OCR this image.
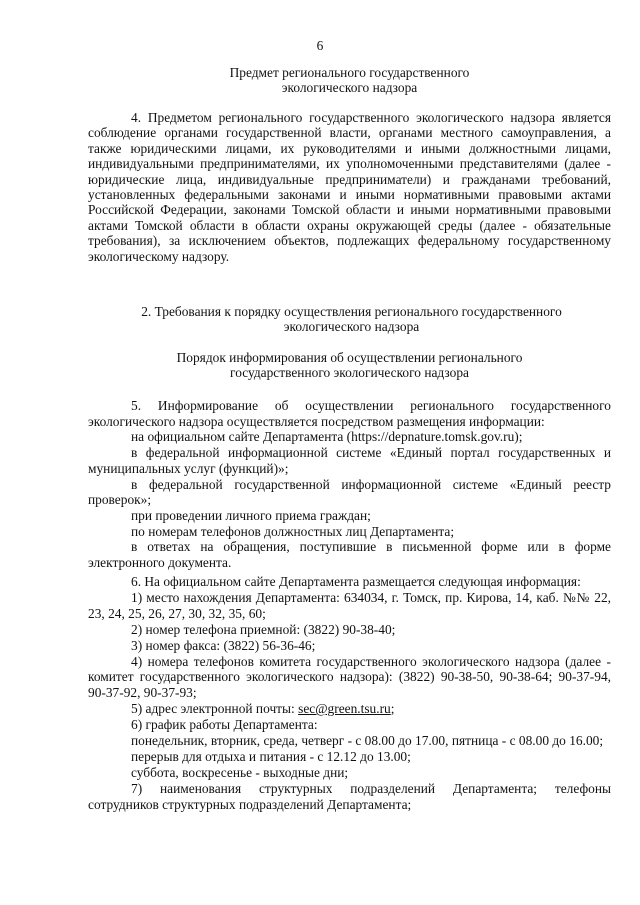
6

Предмет регионального государственного

экологического надзора

4. Предметом регионального государственного экологического надзора является соблюдение органами государственной власти, органами местного самоуправления, а также юридическими лицами, их руководителями и иными должностными лицами, индивидуальными предпринимателями, их уполномоченными представителями (далее - юридические лица, индивидуальные предприниматели) и гражданами требований, установленных федеральными законами и иными нормативными правовыми актами Российской Федерации, законами Томской области и иными нормативными правовыми актами Томской области в области охраны окружающей среды (далее - обязательные требования), за исключением объектов, подлежащих федеральному государственному экологическому надзору.

2. Требования к порядку осуществления регионального государственного

экологического надзора

Порядок информирования об осуществлении регионального

государственного экологического надзора

5. Информирование об осуществлении регионального государственного экологического надзора осуществляется посредством размещения информации:

на официальном сайте Департамента (https://depnature.tomsk.gov.ru);

в федеральной информационной системе «Единый портал государственных и муниципальных услуг (функций)»;

в федеральной государственной информационной системе «Единый реестр проверок»;

при проведении личного приема граждан;

по номерам телефонов должностных лиц Департамента;

в ответах на обращения, поступившие в письменной форме или в форме электронного документа.

6. На официальном сайте Департамента размещается следующая информация:

1) место нахождения Департамента: 634034, г. Томск, пр. Кирова, 14, каб. №№ 22, 23, 24, 25, 26, 27, 30, 32, 35, 60;

2) номер телефона приемной: (3822) 90-38-40;

3) номер факса: (3822) 56-36-46;

4) номера телефонов комитета государственного экологического надзора (далее - комитет государственного экологического надзора): (3822) 90-38-50, 90-38-64; 90-37-94, 90-37-92, 90-37-93;

5) адрес электронной почты: sec@green.tsu.ru;

6) график работы Департамента:

понедельник, вторник, среда, четверг - с 08.00 до 17.00, пятница - с 08.00 до 16.00;

перерыв для отдыха и питания - с 12.12 до 13.00;

суббота, воскресенье - выходные дни;

7) наименования структурных подразделений Департамента; телефоны сотрудников структурных подразделений Департамента;
